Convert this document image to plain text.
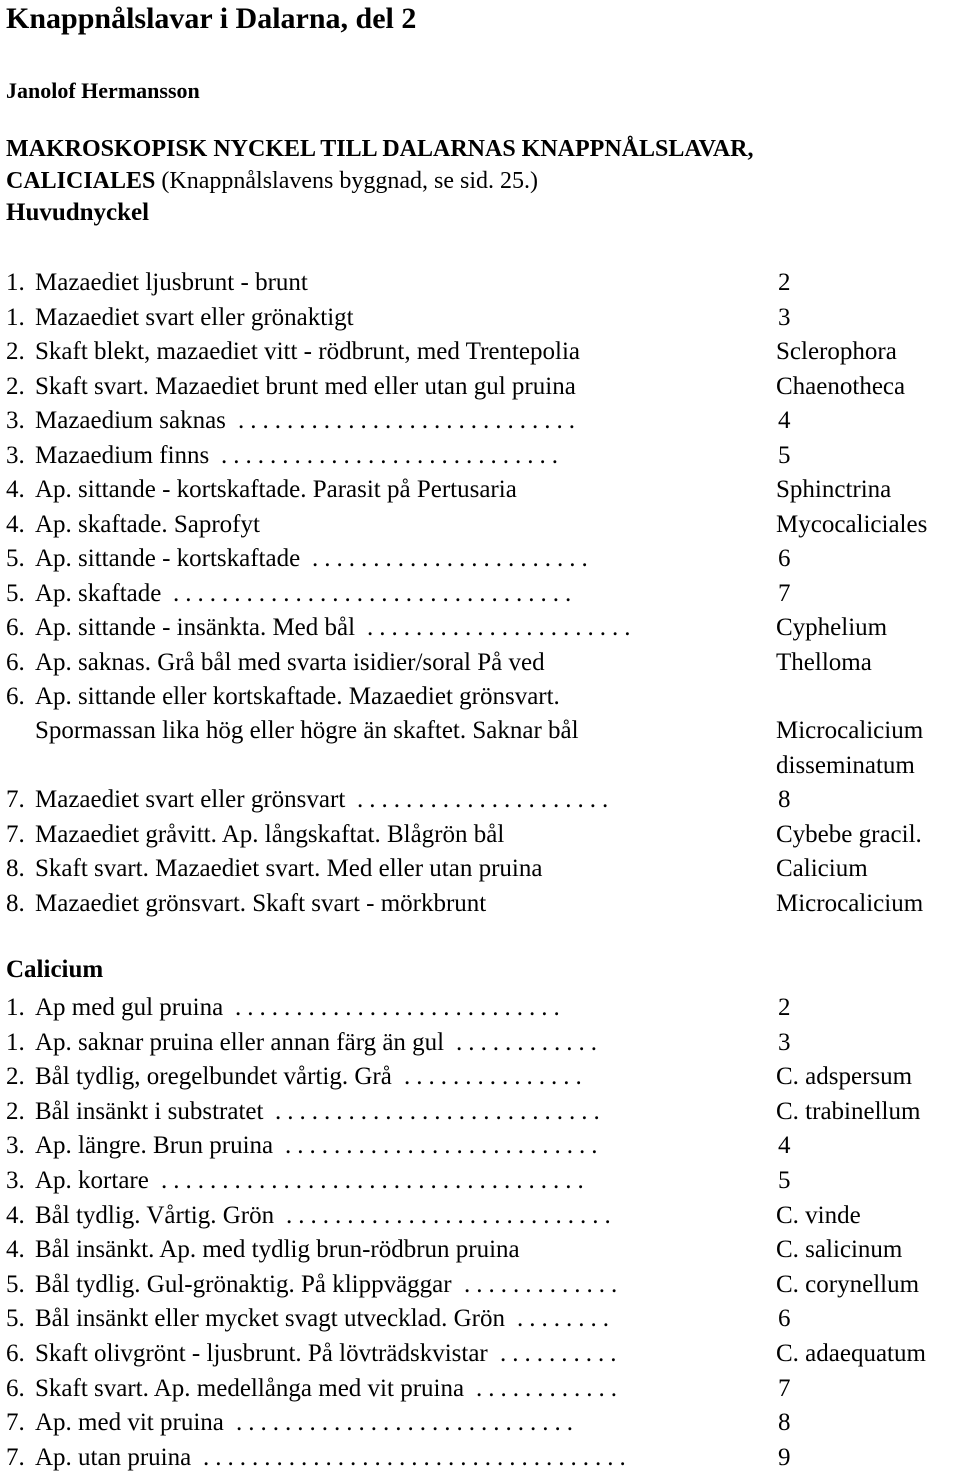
Knappnålslavar i Dalarna, del 2
Janolof Hermansson
MAKROSKOPISK NYCKEL TILL DALARNAS KNAPPNÅLSLAVAR,
CALICIALES (Knappnålslavens byggnad, se sid. 25.)
Huvudnyckel
1. Mazaediet ljusbrunt - brunt	2
1. Mazaediet svart eller grönaktigt	3
2. Skaft blekt, mazaediet vitt - rödbrunt, med Trentepolia	Sclerophora
2. Skaft svart. Mazaediet brunt med eller utan gul pruina	Chaenotheca
3. Mazaedium saknas ............................	4
3. Mazaedium finns ............................	5
4. Ap. sittande - kortskaftade. Parasit på Pertusaria	Sphinctrina
4. Ap. skaftade. Saprofyt	Mycocaliciales
5. Ap. sittande - kortskaftade .......................	6
5. Ap. skaftade .................................	7
6. Ap. sittande - insänkta. Med bål ......................	Cyphelium
6. Ap. saknas. Grå bål med svarta isidier/soral På ved	Thelloma
6. Ap. sittande eller kortskaftade. Mazaediet grönsvart.
Spormassan lika hög eller högre än skaftet. Saknar bål	Microcalicium
disseminatum
7. Mazaediet svart eller grönsvart .....................	8
7. Mazaediet gråvitt. Ap. långskaftat. Blågrön bål	Cybebe gracil.
8. Skaft svart. Mazaediet svart. Med eller utan pruina	Calicium
8. Mazaediet grönsvart. Skaft svart - mörkbrunt	Microcalicium
Calicium
1. Ap med gul pruina ...........................	2
1. Ap. saknar pruina eller annan färg än gul ............	3
2. Bål tydlig, oregelbundet vårtig. Grå ...............	C. adspersum
2. Bål insänkt i substratet ...........................	C. trabinellum
3. Ap. längre. Brun pruina ..........................	4
3. Ap. kortare ...................................	5
4. Bål tydlig. Vårtig. Grön ...........................	C. vinde
4. Bål insänkt. Ap. med tydlig brun-rödbrun pruina	C. salicinum
5. Bål tydlig. Gul-grönaktig. På klippväggar .............	C. corynellum
5. Bål insänkt eller mycket svagt utvecklad. Grön ........	6
6. Skaft olivgrönt - ljusbrunt. På lövträdskvistar ..........	C. adaequatum
6. Skaft svart. Ap. medellånga med vit pruina ............	7
7. Ap. med vit pruina ............................	8
7. Ap. utan pruina ...................................	9
